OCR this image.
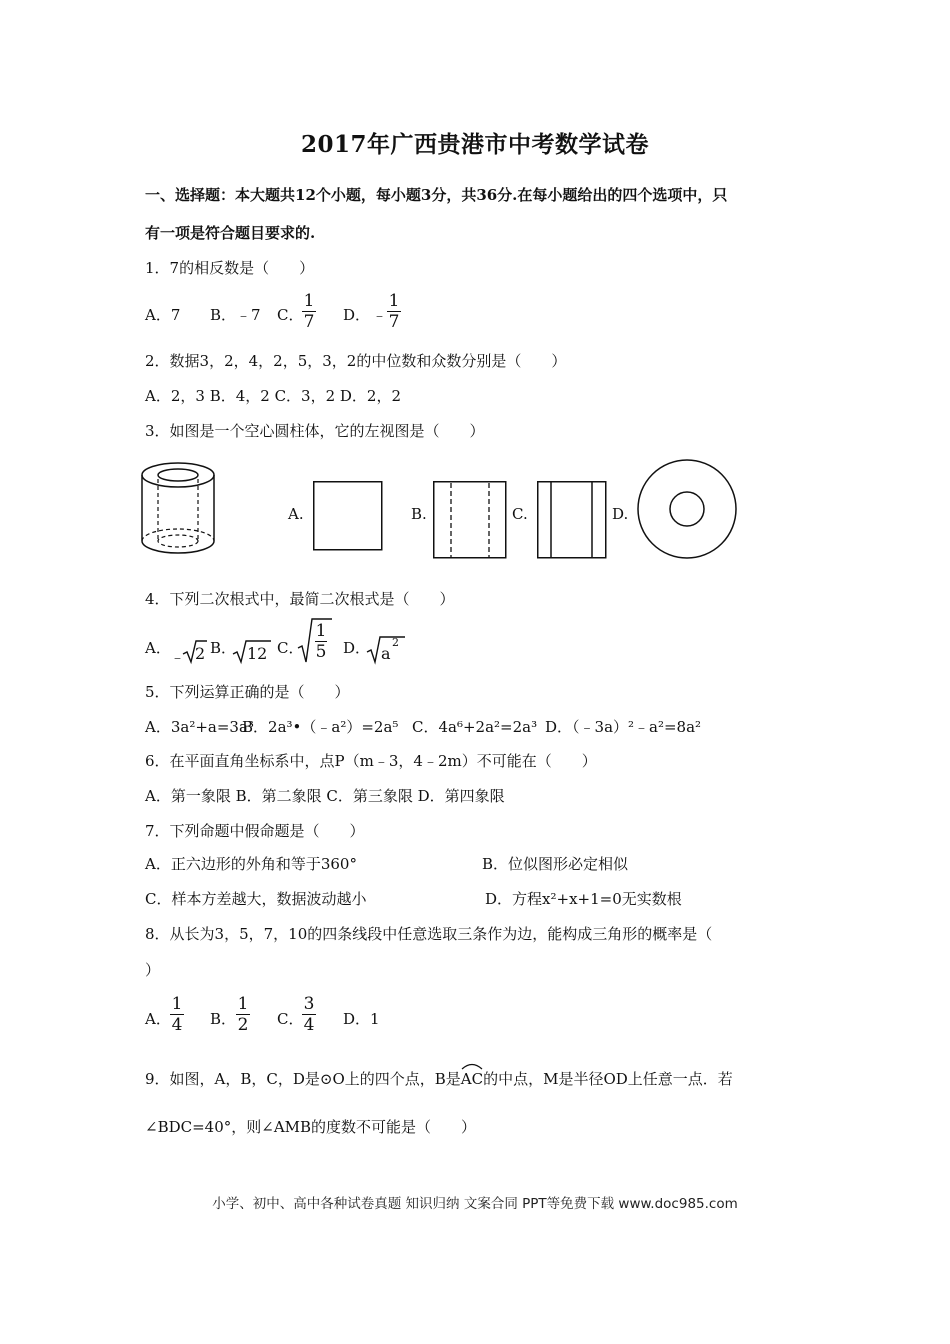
2017年广西贵港市中考数学试卷
一、选择题：本大题共12个小题，每小题3分，共36分.在每小题给出的四个选项中，只
有一项是符合题目要求的.
1．7的相反数是（　　）
A．7 B．﹣7 C．
1
7 D． ﹣
1
7
2．数据3，2，4，2，5，3，2的中位数和众数分别是（　　）
A．2，3 B．4，2 C．3，2 D．2，2
3．如图是一个空心圆柱体，它的左视图是（　　）
A.	B.	C.	D.
4．下列二次根式中，最简二次根式是（　　）
A． ﹣ 2 B． 12 C．
1
5 D． a
2
5．下列运算正确的是（　　）
A．3a²+a=3a³
B．2a³•（﹣a²）=2a⁵ C．4a⁶+2a²=2a³ D．（﹣3a）²﹣a²=8a²
6．在平面直角坐标系中，点P（m﹣3，4﹣2m）不可能在（　　）
A．第一象限 B．第二象限 C．第三象限 D．第四象限
7．下列命题中假命题是（　　）
A．正六边形的外角和等于360°	B．位似图形必定相似
C．样本方差越大，数据波动越小	D．方程x²+x+1=0无实数根
8．从长为3，5，7，10的四条线段中任意选取三条作为边，能构成三角形的概率是（
）
A．
1
4 B．
1
2 C．
3
4 D．1
9．如图，A，B，C，D是⊙O上的四个点，B是
AC的中点，M是半径OD上任意一点．若
∠BDC=40°，则∠AMB的度数不可能是（　　）
小学、初中、高中各种试卷真题 知识归纳 文案合同 PPT等免费下载 www.doc985.com
